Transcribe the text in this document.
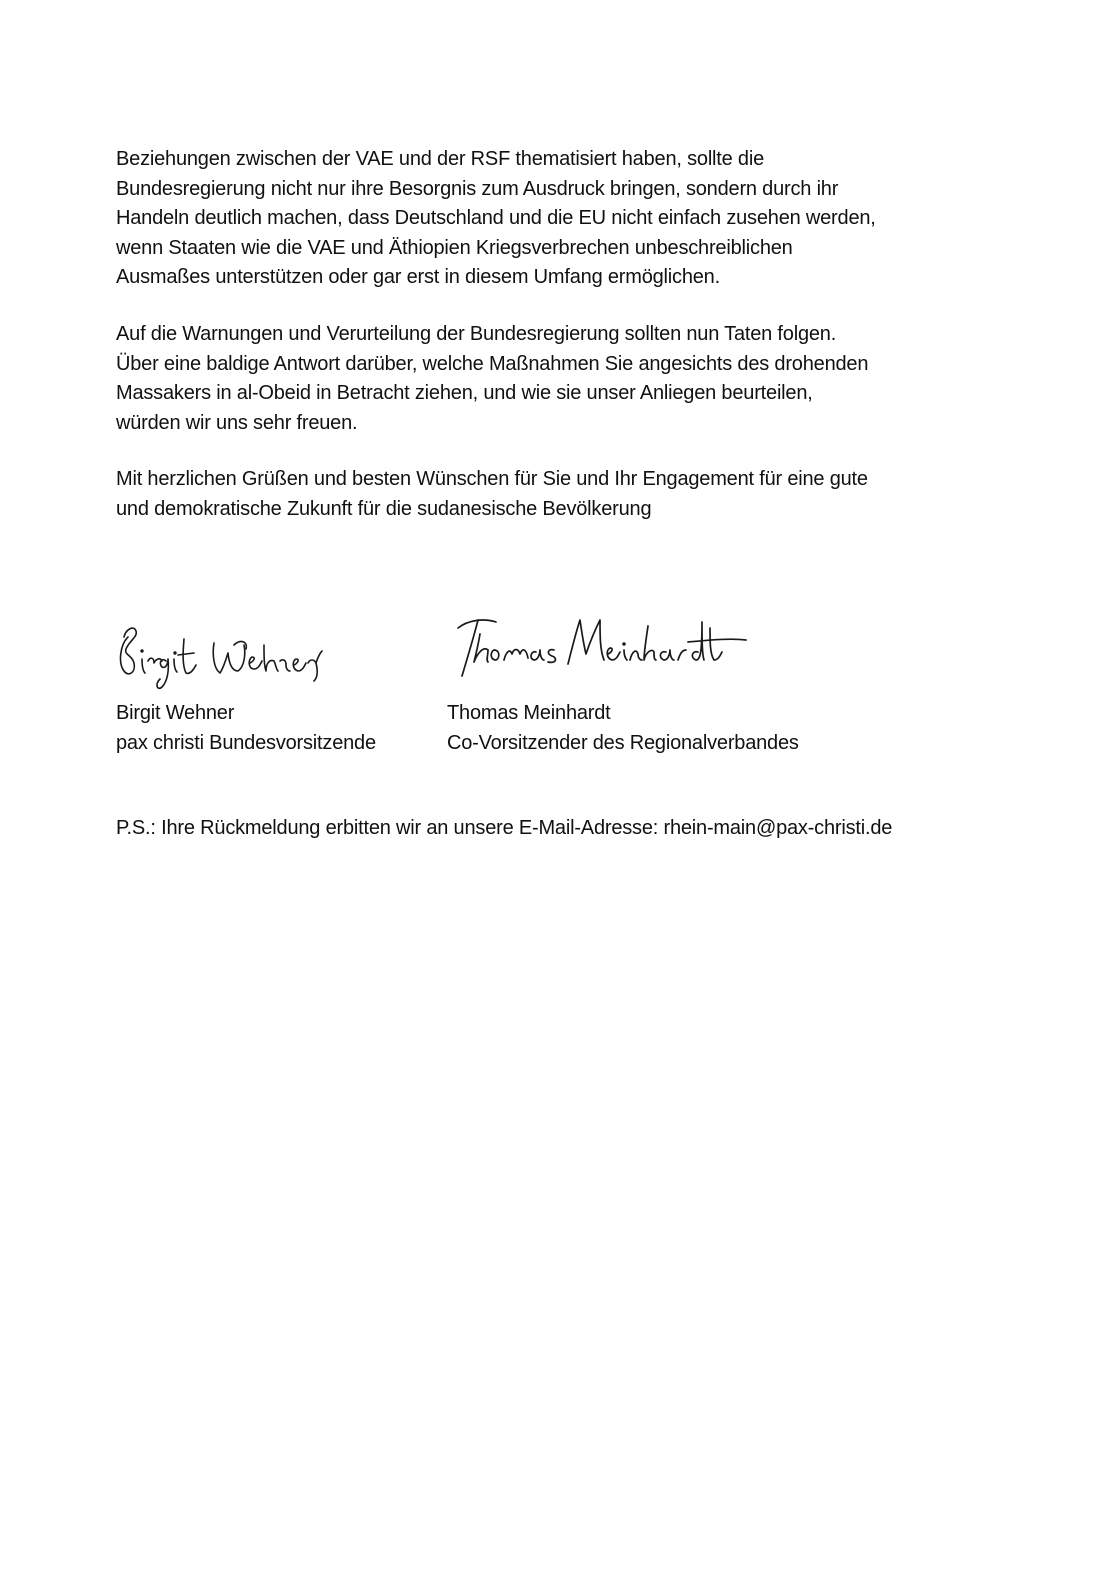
Beziehungen zwischen der VAE und der RSF thematisiert haben, sollte die

Bundesregierung nicht nur ihre Besorgnis zum Ausdruck bringen, sondern durch ihr

Handeln deutlich machen, dass Deutschland und die EU nicht einfach zusehen werden,

wenn Staaten wie die VAE und Äthiopien Kriegsverbrechen unbeschreiblichen

Ausmaßes unterstützen oder gar erst in diesem Umfang ermöglichen.

Auf die Warnungen und Verurteilung der Bundesregierung sollten nun Taten folgen.

Über eine baldige Antwort darüber, welche Maßnahmen Sie angesichts des drohenden

Massakers in al-Obeid in Betracht ziehen, und wie sie unser Anliegen beurteilen,

würden wir uns sehr freuen.

Mit herzlichen Grüßen und besten Wünschen für Sie und Ihr Engagement für eine gute

und demokratische Zukunft für die sudanesische Bevölkerung

Birgit Wehner
pax christi Bundesvorsitzende
Thomas Meinhardt
Co-Vorsitzender des Regionalverbandes
P.S.: Ihre Rückmeldung erbitten wir an unsere E-Mail-Adresse: rhein-main@pax-christi.de
